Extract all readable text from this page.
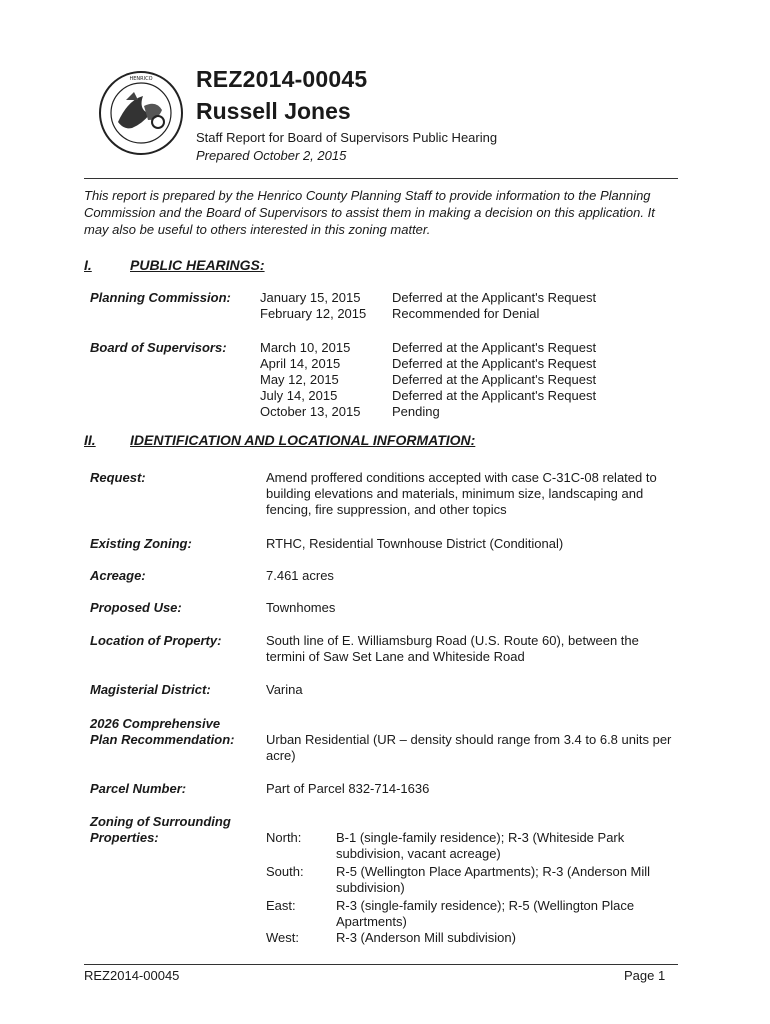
HENRICO REZ2014-00045
Russell Jones
Staff Report for Board of Supervisors Public Hearing
Prepared October 2, 2015
This report is prepared by the Henrico County Planning Staff to provide information to the Planning Commission and the Board of Supervisors to assist them in making a decision on this application. It may also be useful to others interested in this zoning matter.
I.	PUBLIC HEARINGS:
Planning Commission: January 15, 2015 Deferred at the Applicant's Request
February 12, 2015 Recommended for Denial
Board of Supervisors:	March 10, 2015	Deferred at the Applicant's Request
April 14, 2015	Deferred at the Applicant's Request
May 12, 2015	Deferred at the Applicant's Request
July 14, 2015	Deferred at the Applicant's Request
October 13, 2015 Pending
II. IDENTIFICATION AND LOCATIONAL INFORMATION:
Request:	Amend proffered conditions accepted with case C-31C-08 related to building elevations and materials, minimum size, landscaping and fencing, fire suppression, and other topics
Existing Zoning:	RTHC, Residential Townhouse District (Conditional)
Acreage:	7.461 acres
Proposed Use:	Townhomes
Location of Property:	South line of E. Williamsburg Road (U.S. Route 60), between the termini of Saw Set Lane and Whiteside Road
Magisterial District:	Varina
2026 Comprehensive
Plan Recommendation: Urban Residential (UR – density should range from 3.4 to 6.8 units per acre)
Parcel Number:	Part of Parcel 832-714-1636
Zoning of Surrounding
Properties:	North:	B-1 (single-family residence); R-3 (Whiteside Park subdivision, vacant acreage)
South: R-5 (Wellington Place Apartments); R-3 (Anderson Mill subdivision)
East:	R-3 (single-family residence); R-5 (Wellington Place Apartments)
West:	R-3 (Anderson Mill subdivision)
REZ2014-00045	Page 1
